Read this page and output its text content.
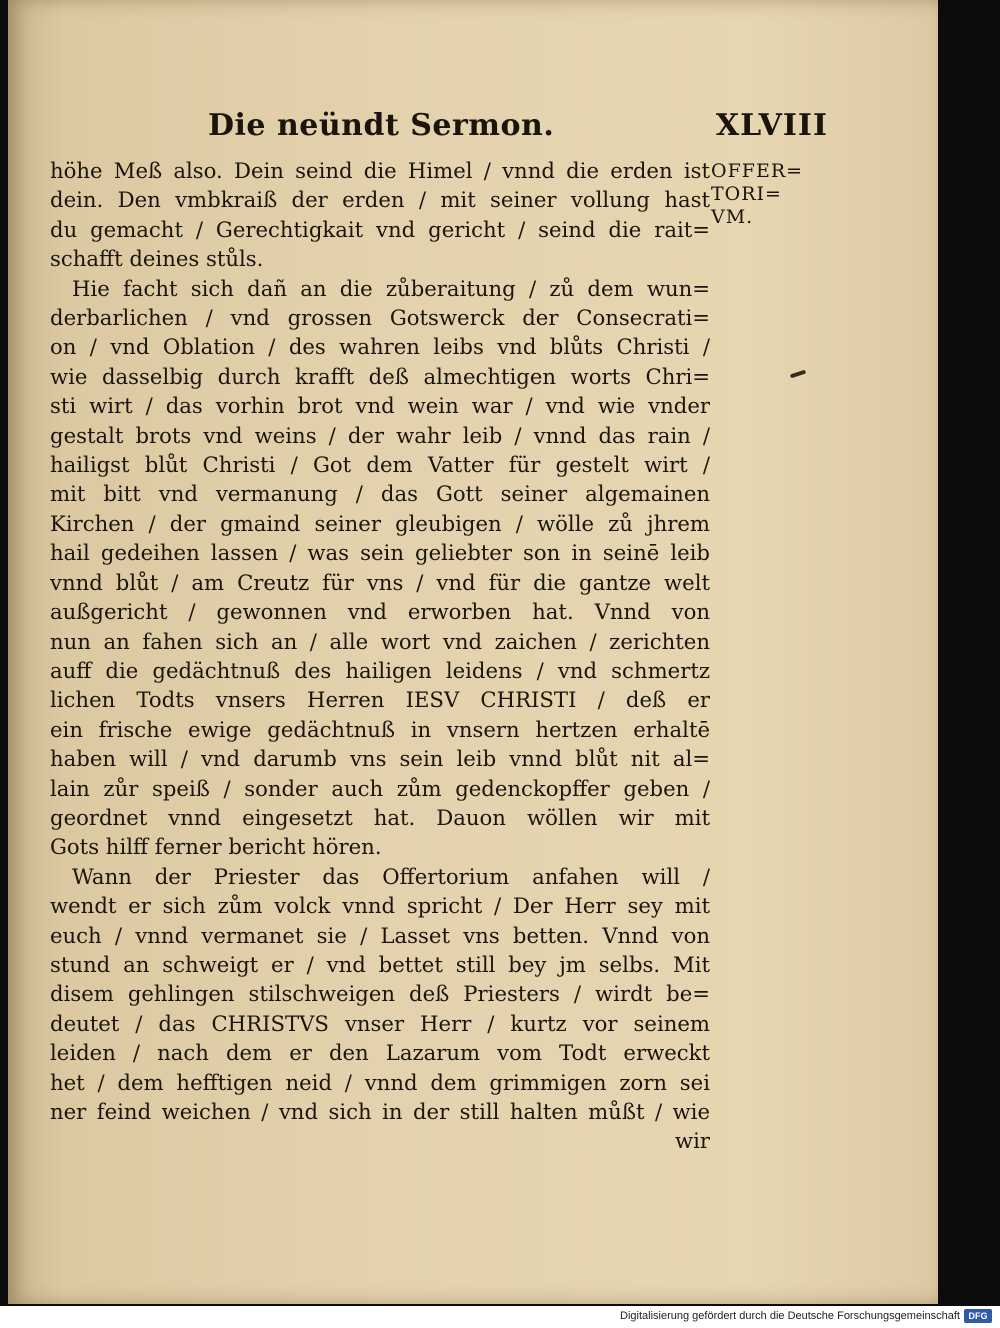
Die neündt Sermon.	XLVIII
höhe Meß also. Dein seind die Himel / vnnd die erden ist
dein. Den vmbkraiß der erden / mit seiner vollung hast
du gemacht / Gerechtigkait vnd gericht / seind die rait=
schafft deines stůls.
Hie facht sich dañ an die zůberaitung / zů dem wun=
derbarlichen / vnd grossen Gotswerck der Consecrati=
on / vnd Oblation / des wahren leibs vnd blůts Christi /
wie dasselbig durch krafft deß almechtigen worts Chri=
sti wirt / das vorhin brot vnd wein war / vnd wie vnder
gestalt brots vnd weins / der wahr leib / vnnd das rain /
hailigst blůt Christi / Got dem Vatter für gestelt wirt /
mit bitt vnd vermanung / das Gott seiner algemainen
Kirchen / der gmaind seiner gleubigen / wölle zů jhrem
hail gedeihen lassen / was sein geliebter son in seinē leib
vnnd blůt / am Creutz für vns / vnd für die gantze welt
außgericht / gewonnen vnd erworben hat. Vnnd von
nun an fahen sich an / alle wort vnd zaichen / zerichten
auff die gedächtnuß des hailigen leidens / vnd schmertz
lichen Todts vnsers Herren IESV CHRISTI / deß er
ein frische ewige gedächtnuß in vnsern hertzen erhaltē
haben will / vnd darumb vns sein leib vnnd blůt nit al=
lain zůr speiß / sonder auch zům gedenckopffer geben /
geordnet vnnd eingesetzt hat. Dauon wöllen wir mit
Gots hilff ferner bericht hören.
Wann der Priester das Offertorium anfahen will /
wendt er sich zům volck vnnd spricht / Der Herr sey mit
euch / vnnd vermanet sie / Lasset vns betten. Vnnd von
stund an schweigt er / vnd bettet still bey jm selbs. Mit
disem gehlingen stilschweigen deß Priesters / wirdt be=
deutet / das CHRISTVS vnser Herr / kurtz vor seinem
leiden / nach dem er den Lazarum vom Todt erweckt
het / dem hefftigen neid / vnnd dem grimmigen zorn sei
ner feind weichen / vnd sich in der still halten můßt / wie
wir
OFFER=
TORI=
VM.
Digitalisierung gefördert durch die Deutsche Forschungsgemeinschaft DFG
